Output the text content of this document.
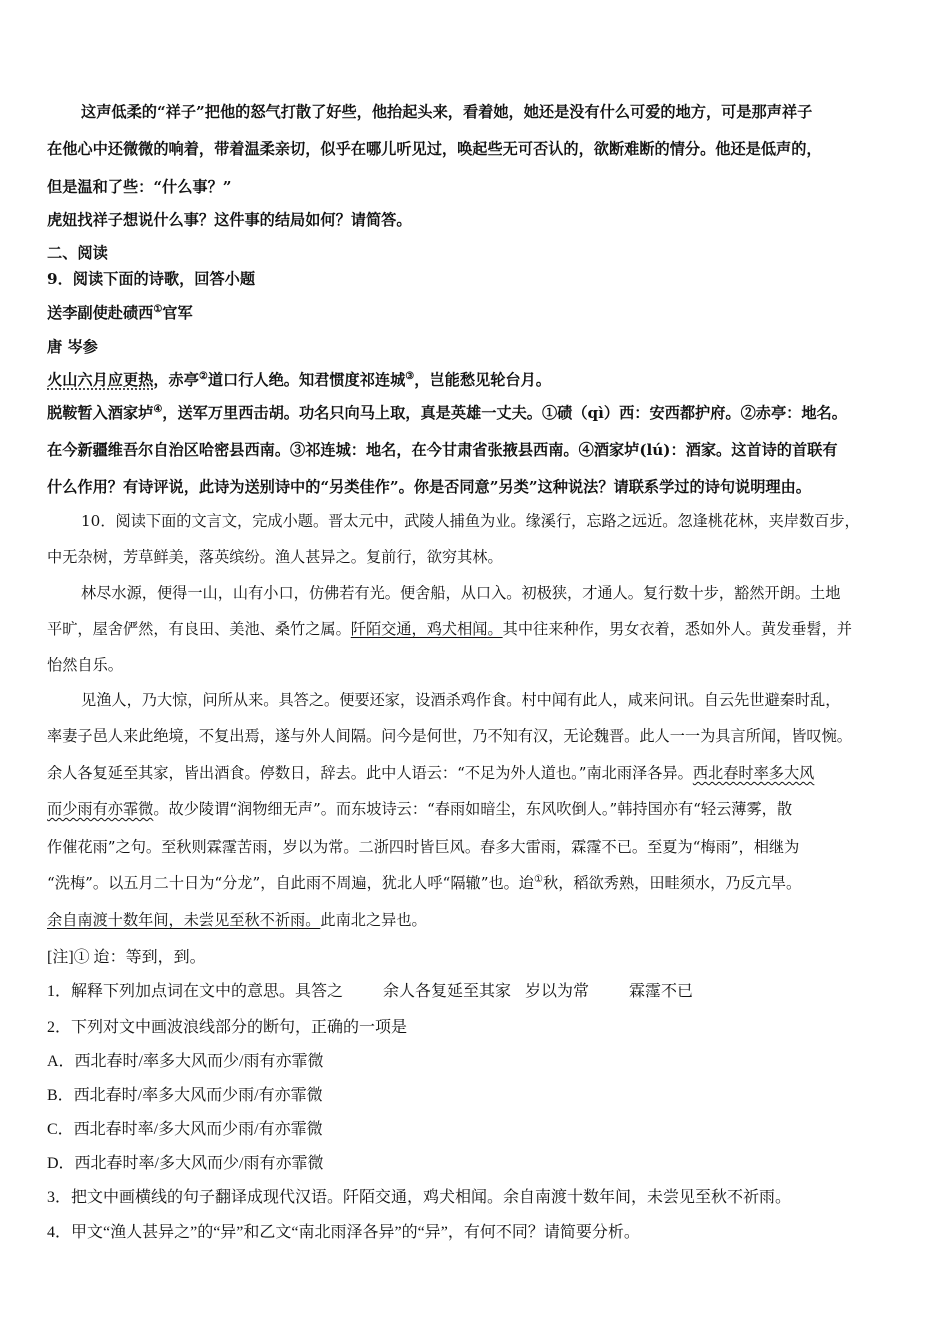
这声低柔的“祥子”把他的怒气打散了好些，他抬起头来，看着她，她还是没有什么可爱的地方，可是那声祥子
在他心中还微微的响着，带着温柔亲切，似乎在哪儿听见过，唤起些无可否认的，欲断难断的情分。他还是低声的，
但是温和了些：“什么事？”
虎妞找祥子想说什么事？这件事的结局如何？请简答。
二、阅读
9．阅读下面的诗歌，回答小题
送李副使赴碛西①官军
唐 岑参
火山六月应更热，赤亭②道口行人绝。知君惯度祁连城③，岂能愁见轮台月。
脱鞍暂入酒家垆④，送军万里西击胡。功名只向马上取，真是英雄一丈夫。①碛（qì）西：安西都护府。②赤亭：地名。
在今新疆维吾尔自治区哈密县西南。③祁连城：地名，在今甘肃省张掖县西南。④酒家垆(lú)：酒家。这首诗的首联有
什么作用？有诗评说，此诗为送别诗中的“另类佳作”。你是否同意”另类”这种说法？请联系学过的诗句说明理由。
10．阅读下面的文言文，完成小题。晋太元中，武陵人捕鱼为业。缘溪行，忘路之远近。忽逢桃花林，夹岸数百步，
中无杂树，芳草鲜美，落英缤纷。渔人甚异之。复前行，欲穷其林。
林尽水源，便得一山，山有小口，仿佛若有光。便舍船，从口入。初极狭，才通人。复行数十步，豁然开朗。土地
平旷，屋舍俨然，有良田、美池、桑竹之属。阡陌交通，鸡犬相闻。其中往来种作，男女衣着，悉如外人。黄发垂髫，并
怡然自乐。
见渔人，乃大惊，问所从来。具答之。便要还家，设酒杀鸡作食。村中闻有此人，咸来问讯。自云先世避秦时乱，
率妻子邑人来此绝境，不复出焉，遂与外人间隔。问今是何世，乃不知有汉，无论魏晋。此人一一为具言所闻，皆叹惋。
余人各复延至其家，皆出酒食。停数日，辞去。此中人语云：“不足为外人道也。”南北雨泽各异。西北春时率多大风
而少雨有亦霏微。故少陵谓“润物细无声”。而东坡诗云：“春雨如暗尘，东风吹倒人。”韩持国亦有“轻云薄雾，散
作催花雨”之句。至秋则霖霪苦雨，岁以为常。二浙四时皆巨风。春多大雷雨，霖霪不已。至夏为“梅雨”，相继为
“洗梅”。以五月二十日为“分龙”，自此雨不周遍，犹北人呼“隔辙”也。迨①秋，稻欲秀熟，田畦须水，乃反亢旱。
余自南渡十数年间，未尝见至秋不祈雨。此南北之异也。
[注]① 迨：等到，到。
1．解释下列加点词在文中的意思。具答之	余人各复延至其家 岁以为常	霖霪不已
2．下列对文中画波浪线部分的断句，正确的一项是
A．西北春时/率多大风而少/雨有亦霏微
B．西北春时/率多大风而少雨/有亦霏微
C．西北春时率/多大风而少雨/有亦霏微
D．西北春时率/多大风而少/雨有亦霏微
3．把文中画横线的句子翻译成现代汉语。阡陌交通，鸡犬相闻。余自南渡十数年间，未尝见至秋不祈雨。
4．甲文“渔人甚异之”的“异”和乙文“南北雨泽各异”的“异”，有何不同？请简要分析。
